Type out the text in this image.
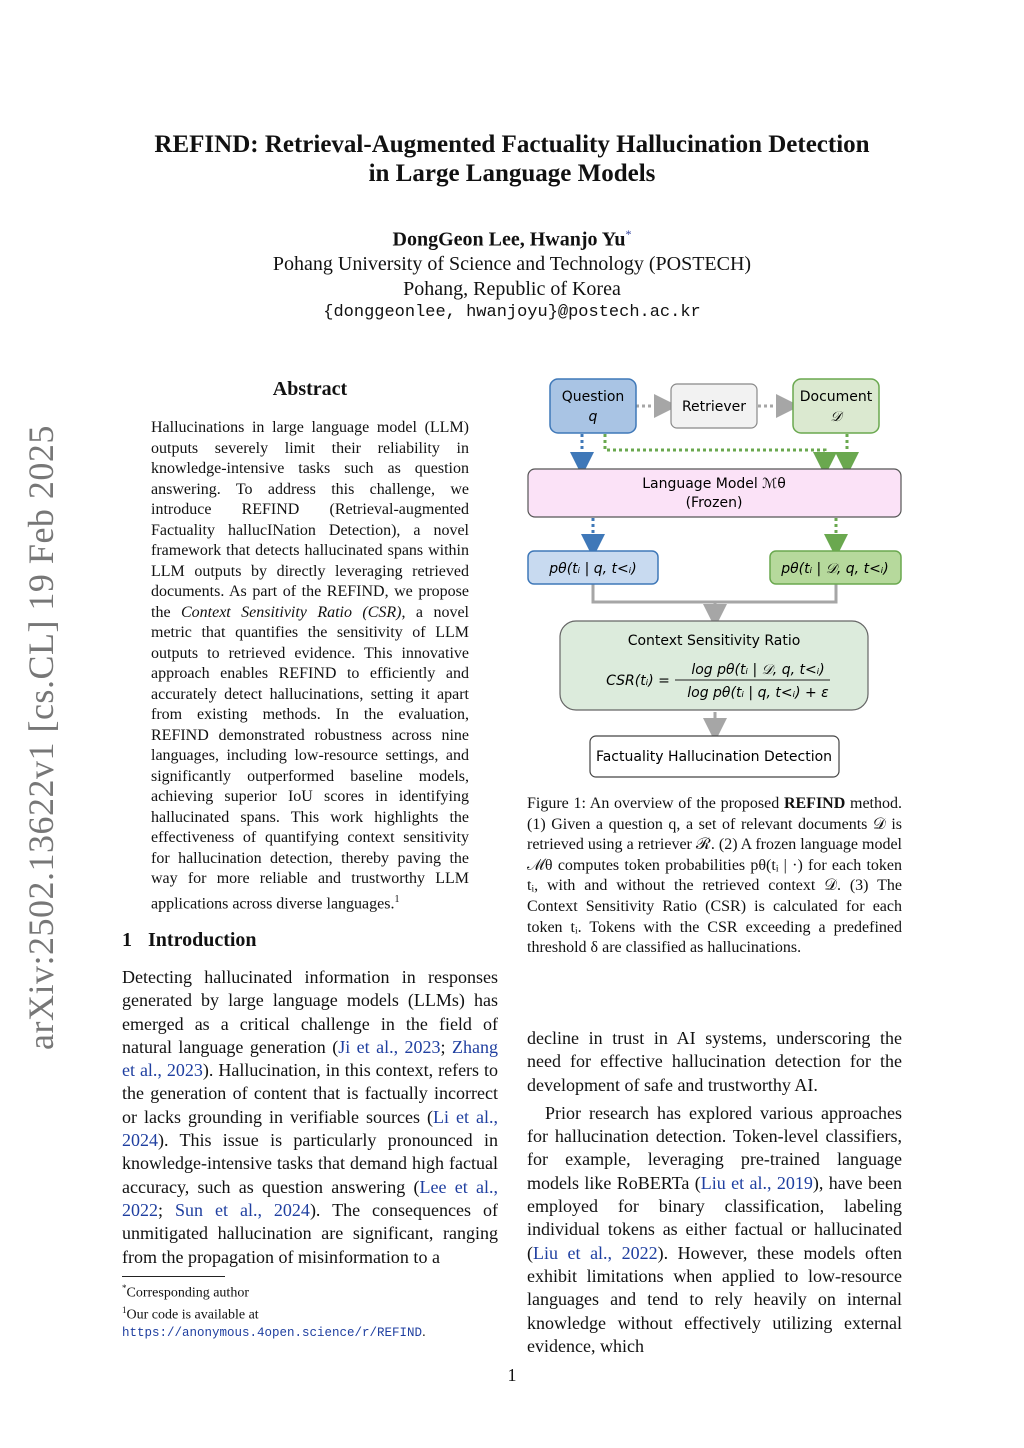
arXiv:2502.13622v1 [cs.CL] 19 Feb 2025
REFIND: Retrieval-Augmented Factuality Hallucination Detection
in Large Language Models
DongGeon Lee, Hwanjo Yu*
Pohang University of Science and Technology (POSTECH)
Pohang, Republic of Korea
{donggeonlee, hwanjoyu}@postech.ac.kr
Abstract
Hallucinations in large language model (LLM) outputs severely limit their reliability in knowledge-intensive tasks such as question answering. To address this challenge, we introduce REFIND (Retrieval-augmented Factuality hallucINation Detection), a novel framework that detects hallucinated spans within LLM outputs by directly leveraging retrieved documents. As part of the REFIND, we propose the Context Sensitivity Ratio (CSR), a novel metric that quantifies the sensitivity of LLM outputs to retrieved evidence. This innovative approach enables REFIND to efficiently and accurately detect hallucinations, setting it apart from existing methods. In the evaluation, REFIND demonstrated robustness across nine languages, including low-resource settings, and significantly outperformed baseline models, achieving superior IoU scores in identifying hallucinated spans. This work highlights the effectiveness of quantifying context sensitivity for hallucination detection, thereby paving the way for more reliable and trustworthy LLM applications across diverse languages.$^1$
1 Introduction
Detecting hallucinated information in responses generated by large language models (LLMs) has emerged as a critical challenge in the field of natural language generation (Ji et al., 2023; Zhang et al., 2023). Hallucination, in this context, refers to the generation of content that is factually incorrect or lacks grounding in verifiable sources (Li et al., 2024). This issue is particularly pronounced in knowledge-intensive tasks that demand high factual accuracy, such as question answering (Lee et al., 2022; Sun et al., 2024). The consequences of unmitigated hallucination are significant, ranging from the propagation of misinformation to a
*Corresponding author
$^1$Our code is available at https://anonymous.4open.science/r/REFIND.
Question
q
Retriever
Document
𝒟
Language Model ℳθ
(Frozen)
pθ(tᵢ | q, t<ᵢ)	pθ(tᵢ | 𝒟, q, t<ᵢ)
Context Sensitivity Ratio
CSR(tᵢ) =
log pθ(tᵢ | 𝒟, q, t<ᵢ)
log pθ(tᵢ | q, t<ᵢ) + ε
Factuality Hallucination Detection
Figure 1: An overview of the proposed REFIND method. (1) Given a question q, a set of relevant documents 𝒟 is retrieved using a retriever ℛ. (2) A frozen language model ℳθ computes token probabilities pθ(tᵢ | ·) for each token tᵢ, with and without the retrieved context 𝒟. (3) The Context Sensitivity Ratio (CSR) is calculated for each token tᵢ. Tokens with the CSR exceeding a predefined threshold δ are classified as hallucinations.

decline in trust in AI systems, underscoring the need for effective hallucination detection for the development of safe and trustworthy AI.

Prior research has explored various approaches for hallucination detection. Token-level classifiers, for example, leveraging pre-trained language models like RoBERTa (Liu et al., 2019), have been employed for binary classification, labeling individual tokens as either factual or hallucinated (Liu et al., 2022). However, these models often exhibit limitations when applied to low-resource languages and tend to rely heavily on internal knowledge without effectively utilizing external evidence, which

1
